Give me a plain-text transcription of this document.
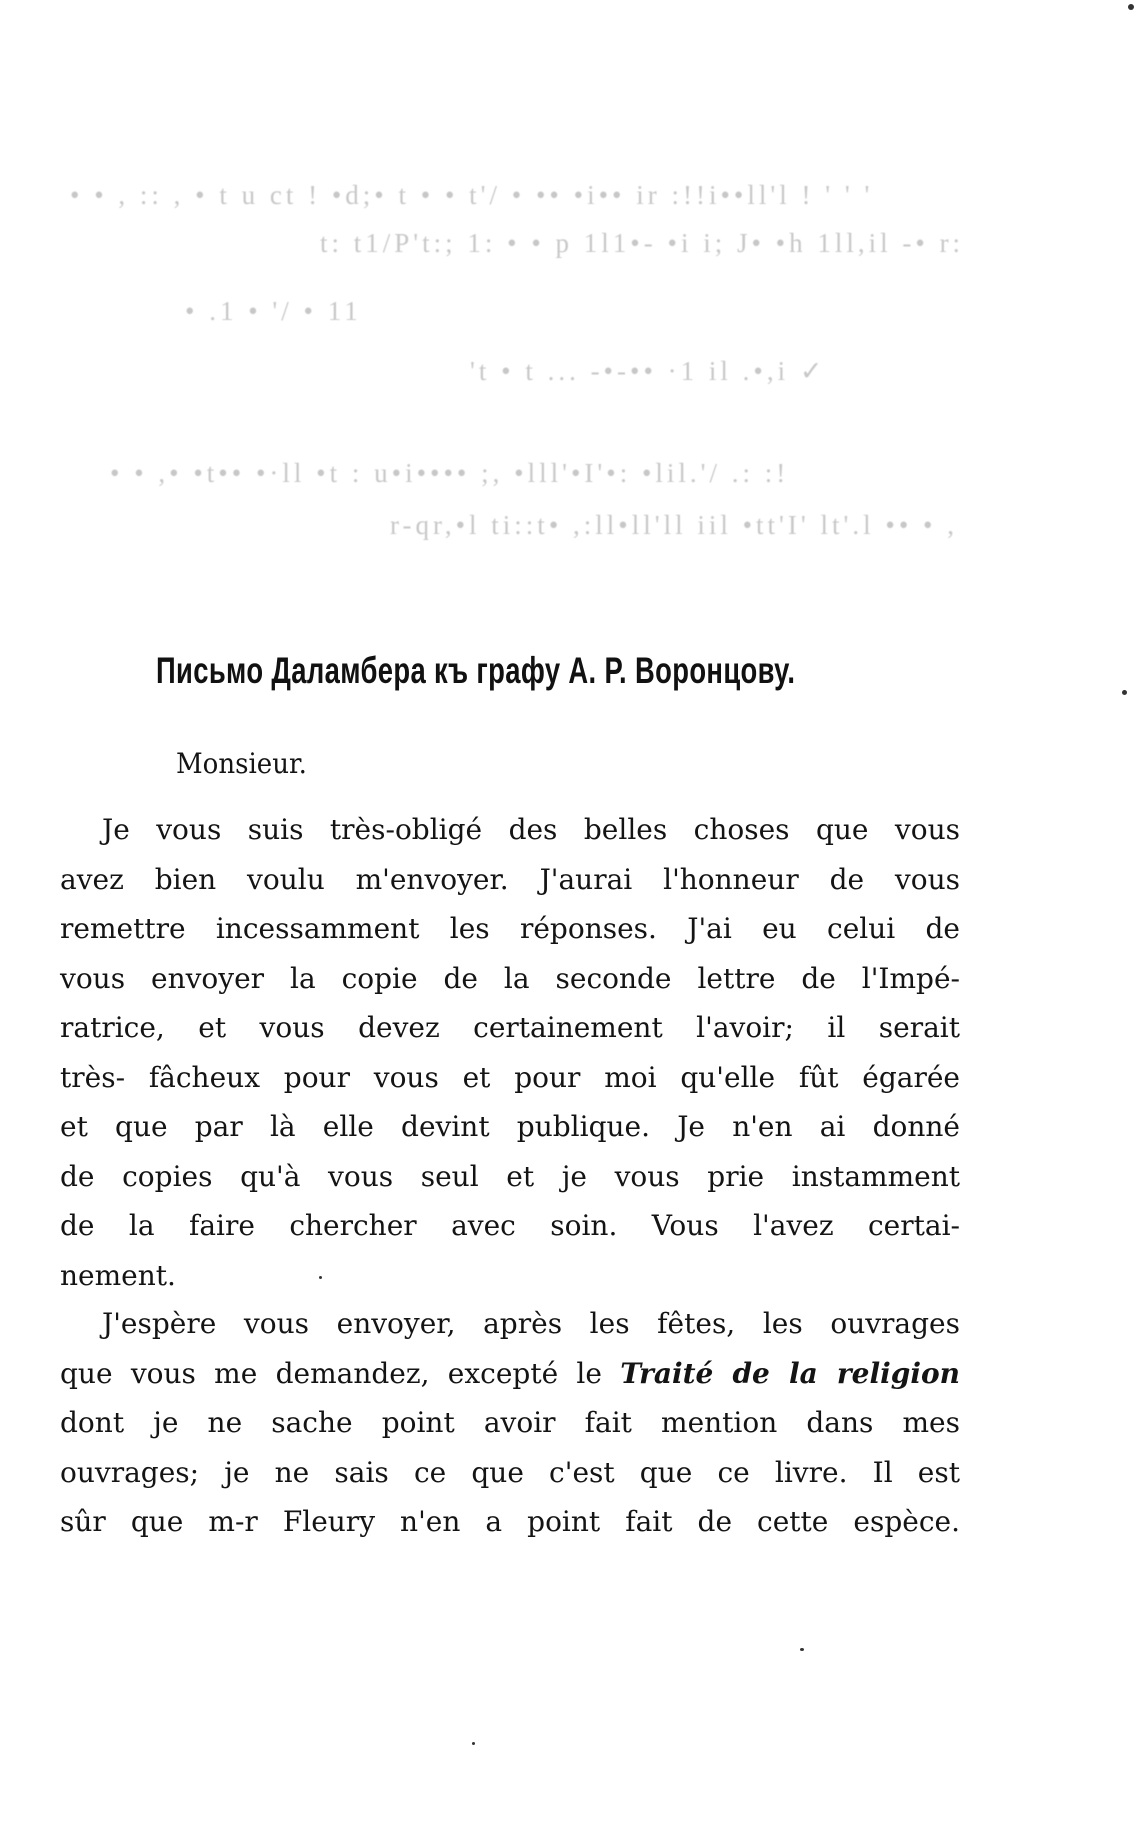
• • , :: , • t u ct ! •d;• t • • t'/ • •• •i•• ir :!!i••ll'l ! ' ' '
t: t1/P't:; 1: • • p 1l1•- •i i; J• •h 1ll,il -• r:
• .1 • '/ • 11
't • t ... -•-•• ·1 il .•,i ✓
• • ,• •t•• •·ll •t : u•i•••• ;, •lll'•I'•: •lil.'/ .: :!
r-qr,•l ti::t• ,:ll•ll'll iil •tt'I' lt'.l •• • ,
Письмо Даламбера къ графу А. Р. Воронцову.
Monsieur.
Je vous suis très-obligé des belles choses que vous
avez bien voulu m'envoyer. J'aurai l'honneur de vous
remettre incessamment les réponses. J'ai eu celui de
vous envoyer la copie de la seconde lettre de l'Impé-
ratrice, et vous devez certainement l'avoir; il serait
très- fâcheux pour vous et pour moi qu'elle fût égarée
et que par là elle devint publique. Je n'en ai donné
de copies qu'à vous seul et je vous prie instamment
de la faire chercher avec soin. Vous l'avez certai-
nement.
J'espère vous envoyer, après les fêtes, les ouvrages
que vous me demandez, excepté le Traité de la religion
dont je ne sache point avoir fait mention dans mes
ouvrages; je ne sais ce que c'est que ce livre. Il est
sûr que m-r Fleury n'en a point fait de cette espèce.
